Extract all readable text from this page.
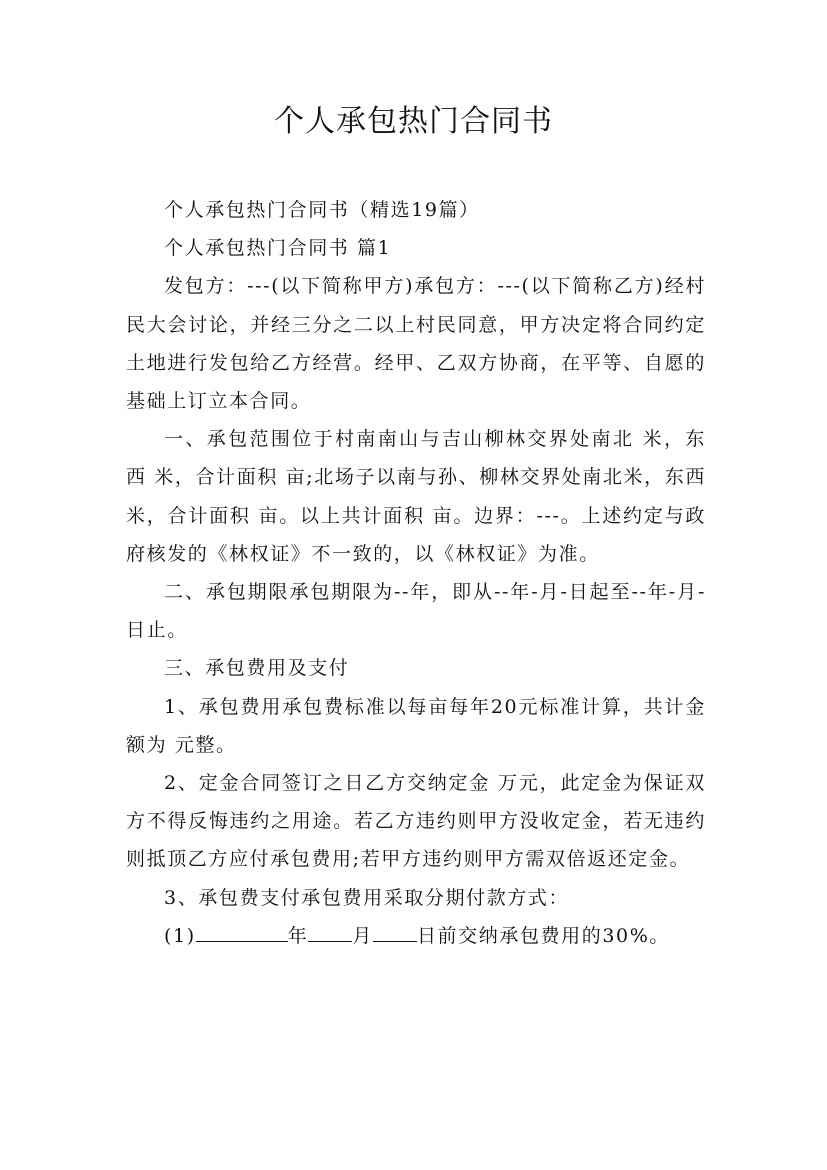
个人承包热门合同书

个人承包热门合同书（精选19篇）

个人承包热门合同书 篇1

发包方：---(以下简称甲方)承包方：---(以下简称乙方)经村民大会讨论，并经三分之二以上村民同意，甲方决定将合同约定土地进行发包给乙方经营。经甲、乙双方协商，在平等、自愿的基础上订立本合同。

一、承包范围位于村南南山与吉山柳林交界处南北 米，东西 米，合计面积 亩;北场子以南与孙、柳林交界处南北米，东西 米，合计面积 亩。以上共计面积 亩。边界：---。上述约定与政府核发的《林权证》不一致的，以《林权证》为准。

二、承包期限承包期限为--年，即从--年-月-日起至--年-月-日止。

三、承包费用及支付

1、承包费用承包费标准以每亩每年20元标准计算，共计金额为 元整。

2、定金合同签订之日乙方交纳定金 万元，此定金为保证双方不得反悔违约之用途。若乙方违约则甲方没收定金，若无违约则抵顶乙方应付承包费用;若甲方违约则甲方需双倍返还定金。

3、承包费支付承包费用采取分期付款方式：

(1)	年 月 日前交纳承包费用的30%。
